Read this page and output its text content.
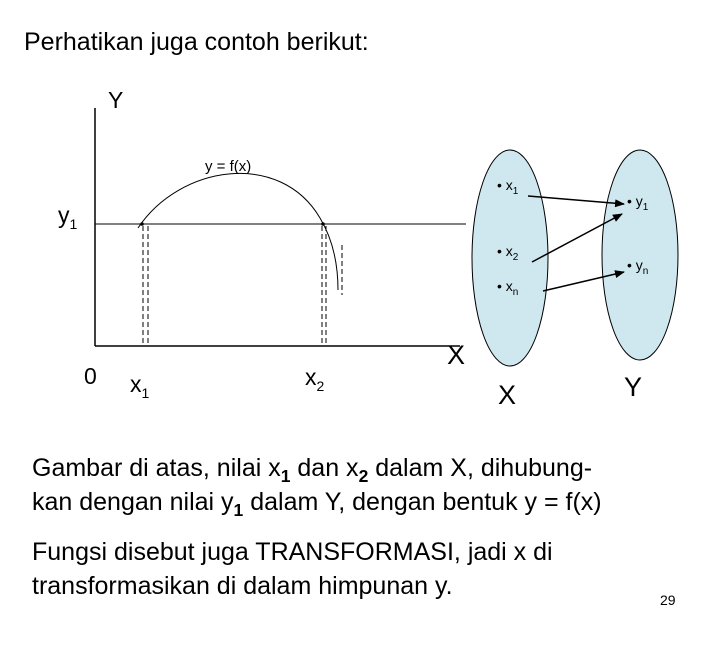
Perhatikan juga contoh berikut:
Y
X
0
y = f(x)
$y_1$
$x_1$
$x_2$
• $x_1$
• $x_2$
• $x_n$
• $y_1$
• $y_n$
X	Y
Gambar di atas, nilai $x_1$ dan $x_2$ dalam X, dihubung-
kan dengan nilai $y_1$ dalam Y, dengan bentuk y = f(x)
Fungsi disebut juga TRANSFORMASI, jadi x di
transformasikan di dalam himpunan y.	29
